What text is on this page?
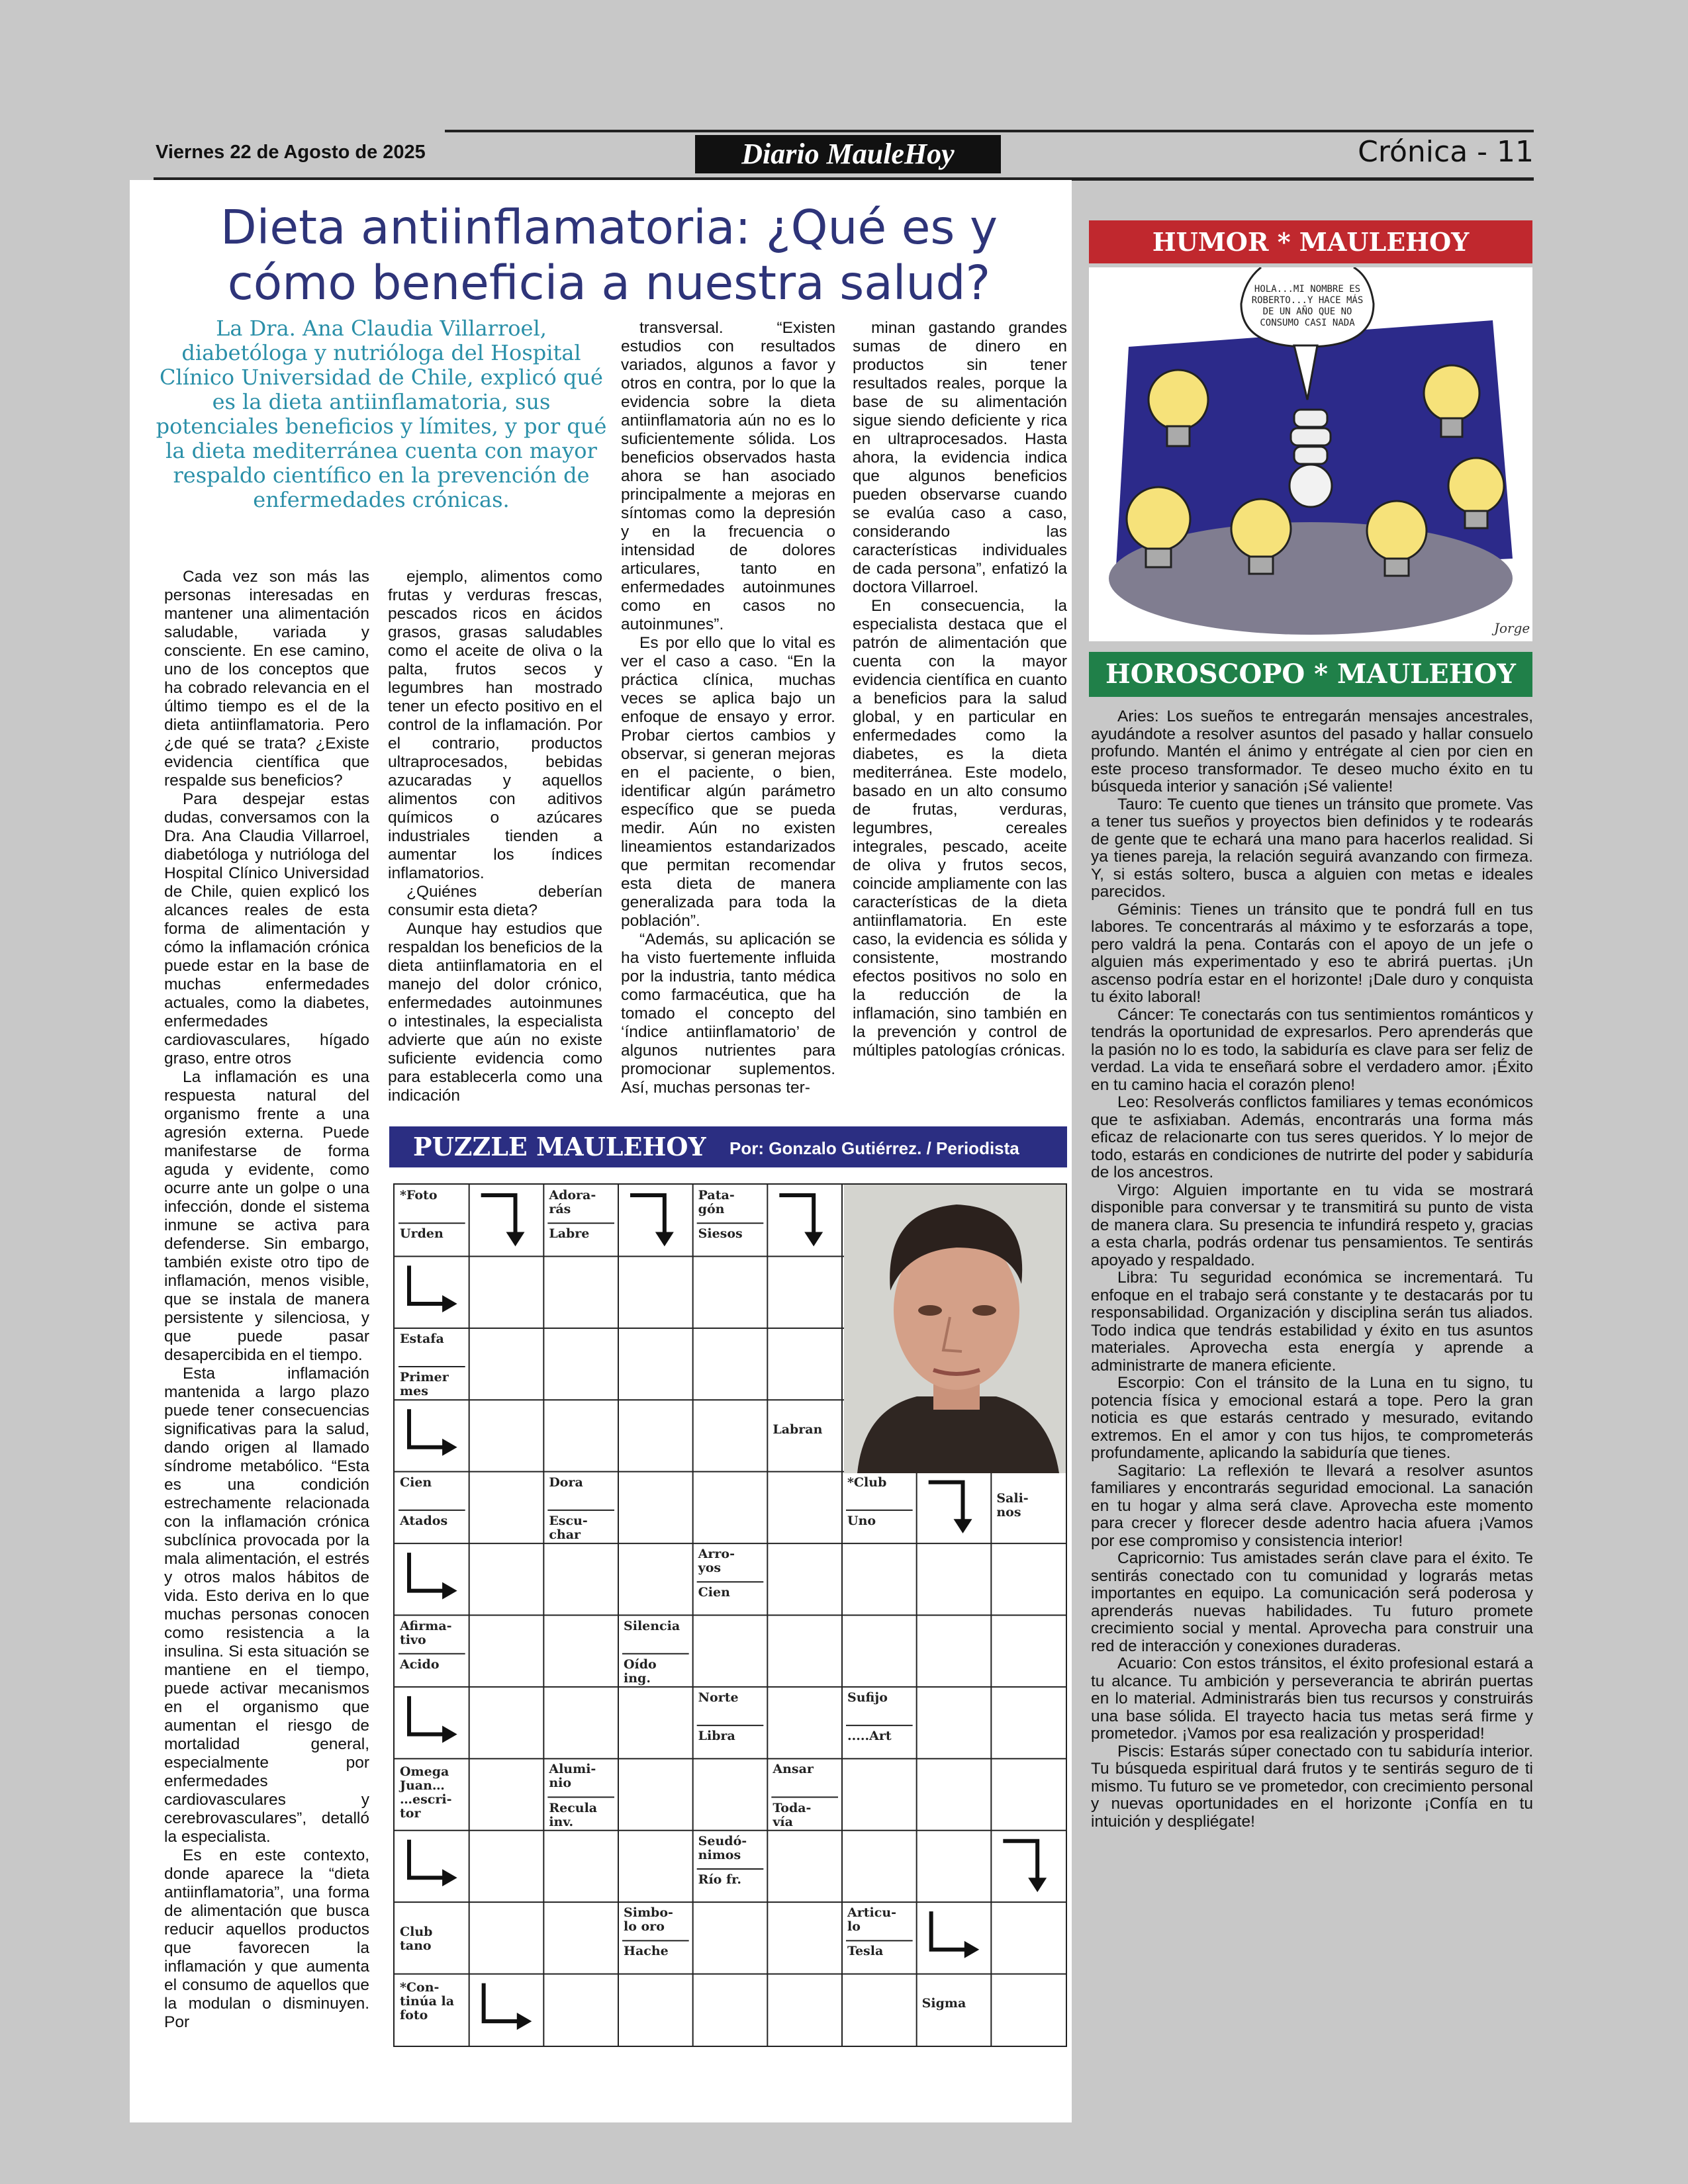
Viernes 22 de Agosto de 2025	Diario MauleHoy	Crónica - 11
Dieta antiinflamatoria: ¿Qué es y cómo beneficia a nuestra salud?
La Dra. Ana Claudia Villarroel, diabetóloga y nutrióloga del Hospital Clínico Universidad de Chile, explicó qué es la dieta antiinflamatoria, sus potenciales beneficios y límites, y por qué la dieta mediterránea cuenta con mayor respaldo científico en la prevención de enfermedades crónicas.

Cada vez son más las personas interesadas en mantener una alimentación saludable, variada y consciente. En ese camino, uno de los conceptos que ha cobrado relevancia en el último tiempo es el de la dieta antiinflamatoria. Pero ¿de qué se trata? ¿Existe evidencia científica que respalde sus beneficios?

Para despejar estas dudas, conversamos con la Dra. Ana Claudia Villarroel, diabetóloga y nutrióloga del Hospital Clínico Universidad de Chile, quien explicó los alcances reales de esta forma de alimentación y cómo la inflamación crónica puede estar en la base de muchas enfermedades actuales, como la diabetes, enfermedades cardiovasculares, hígado graso, entre otros

La inflamación es una respuesta natural del organismo frente a una agresión externa. Puede manifestarse de forma aguda y evidente, como ocurre ante un golpe o una infección, donde el sistema inmune se activa para defenderse. Sin embargo, también existe otro tipo de inflamación, menos visible, que se instala de manera persistente y silenciosa, y que puede pasar desapercibida en el tiempo.

Esta inflamación mantenida a largo plazo puede tener consecuencias significativas para la salud, dando origen al llamado síndrome metabólico. “Esta es una condición estrechamente relacionada con la inflamación crónica subclínica provocada por la mala alimentación, el estrés y otros malos hábitos de vida. Esto deriva en lo que muchas personas conocen como resistencia a la insulina. Si esta situación se mantiene en el tiempo, puede activar mecanismos en el organismo que aumentan el riesgo de mortalidad general, especialmente por enfermedades cardiovasculares y cerebrovasculares”, detalló la especialista.

Es en este contexto, donde aparece la “dieta antiinflamatoria”, una forma de alimentación que busca reducir aquellos productos que favorecen la inflamación y que aumenta el consumo de aquellos que la modulan o disminuyen. Por

ejemplo, alimentos como frutas y verduras frescas, pescados ricos en ácidos grasos, grasas saludables como el aceite de oliva o la palta, frutos secos y legumbres han mostrado tener un efecto positivo en el control de la inflamación. Por el contrario, productos ultraprocesados, bebidas azucaradas y aquellos alimentos con aditivos químicos o azúcares industriales tienden a aumentar los índices inflamatorios.

¿Quiénes deberían consumir esta dieta?

Aunque hay estudios que respaldan los beneficios de la dieta antiinflamatoria en el manejo del dolor crónico, enfermedades autoinmunes o intestinales, la especialista advierte que aún no existe suficiente evidencia como para establecerla como una indicación

transversal. “Existen estudios con resultados variados, algunos a favor y otros en contra, por lo que la evidencia sobre la dieta antiinflamatoria aún no es lo suficientemente sólida. Los beneficios observados hasta ahora se han asociado principalmente a mejoras en síntomas como la depresión y en la frecuencia o intensidad de dolores articulares, tanto en enfermedades autoinmunes como en casos no autoinmunes”.

Es por ello que lo vital es ver el caso a caso. “En la práctica clínica, muchas veces se aplica bajo un enfoque de ensayo y error. Probar ciertos cambios y observar, si generan mejoras en el paciente, o bien, identificar algún parámetro específico que se pueda medir. Aún no existen lineamientos estandarizados que permitan recomendar esta dieta de manera generalizada para toda la población”.

“Además, su aplicación se ha visto fuertemente influida por la industria, tanto médica como farmacéutica, que ha tomado el concepto del ‘índice antiinflamatorio’ de algunos nutrientes para promocionar suplementos. Así, muchas personas ter-

minan gastando grandes sumas de dinero en productos sin tener resultados reales, porque la base de su alimentación sigue siendo deficiente y rica en ultraprocesados. Hasta ahora, la evidencia indica que algunos beneficios pueden observarse cuando se evalúa caso a caso, considerando las características individuales de cada persona”, enfatizó la doctora Villarroel.

En consecuencia, la especialista destaca que el patrón de alimentación que cuenta con la mayor evidencia científica en cuanto a beneficios para la salud global, y en particular en enfermedades como la diabetes, es la dieta mediterránea. Este modelo, basado en un alto consumo de frutas, verduras, legumbres, cereales integrales, pescado, aceite de oliva y frutos secos, coincide ampliamente con las características de la dieta antiinflamatoria. En este caso, la evidencia es sólida y consistente, mostrando efectos positivos no solo en la reducción de la inflamación, sino también en la prevención y control de múltiples patologías crónicas.

PUZZLE MAULEHOY Por: Gonzalo Gutiérrez. / Periodista
*Foto
Urden
Adora-
rás
Labre
Pata-
gón
Siesos
Estafa
Primer
mes
Labran
Cien
Atados
Dora
Escu-
char
*Club
Uno
Sali-
nos
Arro-
yos
Cien
Afirma-
tivo
Acido
Silencia
Oído
ing.
Norte
Libra
Sufijo
.....Art
Omega
Juan…
…escri-
tor
Alumi-
nio
Recula
inv.
Ansar
Toda-
vía
Seudó-
nimos
Río fr.
Club
tano
Simbo-
lo oro
Hache
Articu-
lo
Tesla
*Con-
tinúa la
foto
Sigma
HUMOR * MAULEHOY
HOLA...MI NOMBRE ES ROBERTO...Y HACE MÁS DE UN AÑO QUE NO CONSUMO CASI NADA
Jorge
HOROSCOPO * MAULEHOY

Aries: Los sueños te entregarán mensajes ancestrales, ayudándote a resolver asuntos del pasado y hallar consuelo profundo. Mantén el ánimo y entrégate al cien por cien en este proceso transformador. Te deseo mucho éxito en tu búsqueda interior y sanación ¡Sé valiente!

Tauro: Te cuento que tienes un tránsito que promete. Vas a tener tus sueños y proyectos bien definidos y te rodearás de gente que te echará una mano para hacerlos realidad. Si ya tienes pareja, la relación seguirá avanzando con firmeza. Y, si estás soltero, busca a alguien con metas e ideales parecidos.

Géminis: Tienes un tránsito que te pondrá full en tus labores. Te concentrarás al máximo y te esforzarás a tope, pero valdrá la pena. Contarás con el apoyo de un jefe o alguien más experimentado y eso te abrirá puertas. ¡Un ascenso podría estar en el horizonte! ¡Dale duro y conquista tu éxito laboral!

Cáncer: Te conectarás con tus sentimientos románticos y tendrás la oportunidad de expresarlos. Pero aprenderás que la pasión no lo es todo, la sabiduría es clave para ser feliz de verdad. La vida te enseñará sobre el verdadero amor. ¡Éxito en tu camino hacia el corazón pleno!

Leo: Resolverás conflictos familiares y temas económicos que te asfixiaban. Además, encontrarás una forma más eficaz de relacionarte con tus seres queridos. Y lo mejor de todo, estarás en condiciones de nutrirte del poder y sabiduría de los ancestros.

Virgo: Alguien importante en tu vida se mostrará disponible para conversar y te transmitirá su punto de vista de manera clara. Su presencia te infundirá respeto y, gracias a esta charla, podrás ordenar tus pensamientos. Te sentirás apoyado y respaldado.

Libra: Tu seguridad económica se incrementará. Tu enfoque en el trabajo será constante y te destacarás por tu responsabilidad. Organización y disciplina serán tus aliados. Todo indica que tendrás estabilidad y éxito en tus asuntos materiales. Aprovecha esta energía y aprende a administrarte de manera eficiente.

Escorpio: Con el tránsito de la Luna en tu signo, tu potencia física y emocional estará a tope. Pero la gran noticia es que estarás centrado y mesurado, evitando extremos. En el amor y con tus hijos, te comprometerás profundamente, aplicando la sabiduría que tienes.

Sagitario: La reflexión te llevará a resolver asuntos familiares y encontrarás seguridad emocional. La sanación en tu hogar y alma será clave. Aprovecha este momento para crecer y florecer desde adentro hacia afuera ¡Vamos por ese compromiso y consistencia interior!

Capricornio: Tus amistades serán clave para el éxito. Te sentirás conectado con tu comunidad y lograrás metas importantes en equipo. La comunicación será poderosa y aprenderás nuevas habilidades. Tu futuro promete crecimiento social y mental. Aprovecha para construir una red de interacción y conexiones duraderas.

Acuario: Con estos tránsitos, el éxito profesional estará a tu alcance. Tu ambición y perseverancia te abrirán puertas en lo material. Administrarás bien tus recursos y construirás una base sólida. El trayecto hacia tus metas será firme y prometedor. ¡Vamos por esa realización y prosperidad!

Piscis: Estarás súper conectado con tu sabiduría interior. Tu búsqueda espiritual dará frutos y te sentirás seguro de ti mismo. Tu futuro se ve prometedor, con crecimiento personal y nuevas oportunidades en el horizonte ¡Confía en tu intuición y despliégate!
